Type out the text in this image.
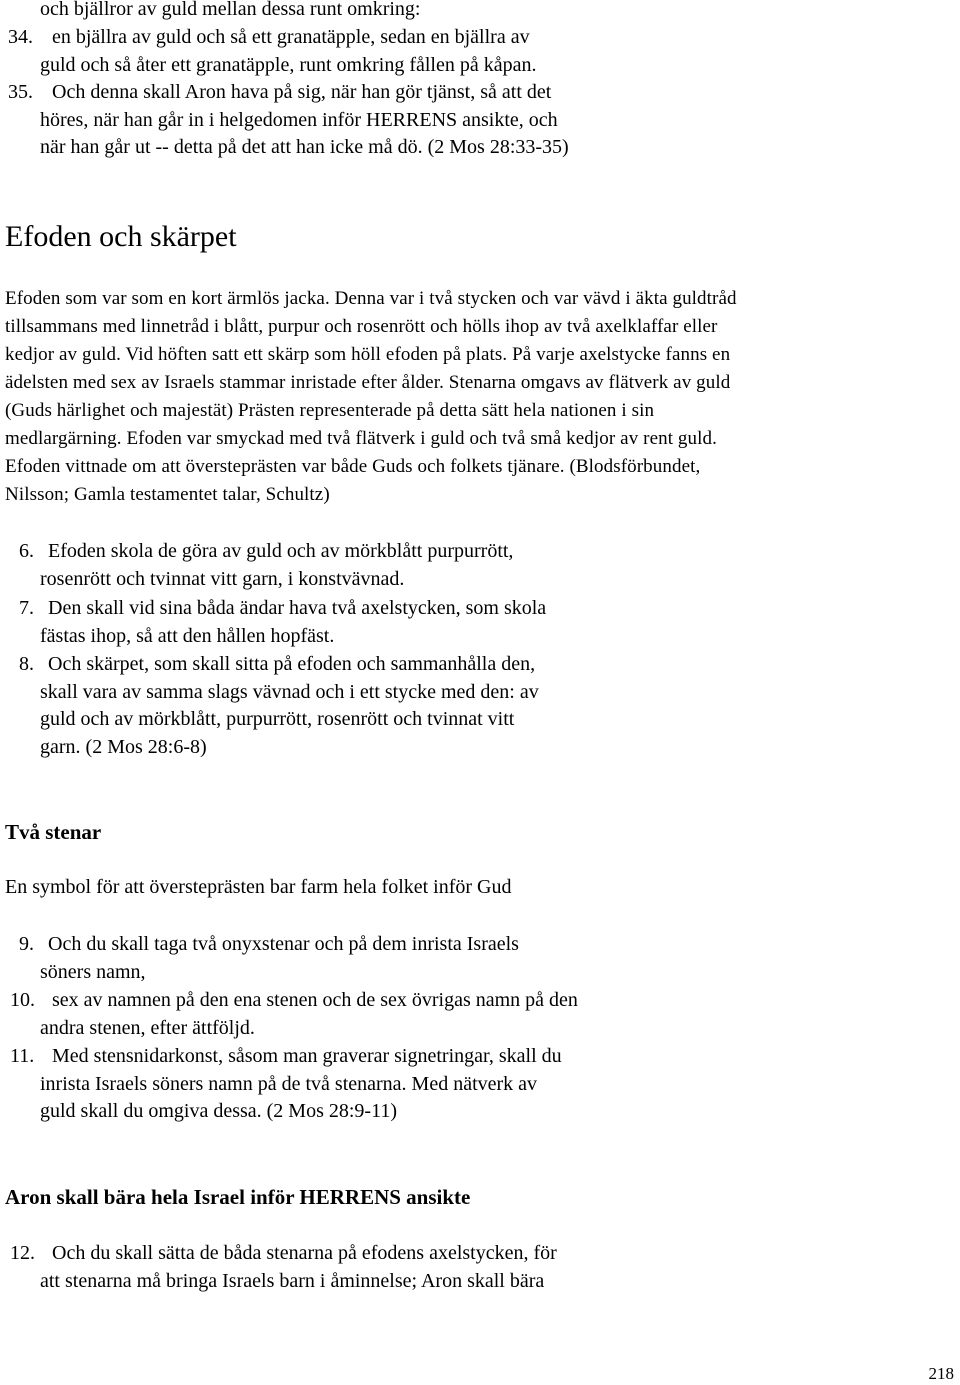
och bjällror av guld mellan dessa runt omkring:
34. en bjällra av guld och så ett granatäpple, sedan en bjällra av
guld och så åter ett granatäpple, runt omkring fållen på kåpan.
35. Och denna skall Aron hava på sig, när han gör tjänst, så att det
höres, när han går in i helgedomen inför HERRENS ansikte, och
när han går ut -- detta på det att han icke må dö. (2 Mos 28:33-35)
Efoden och skärpet

Efoden som var som en kort ärmlös jacka. Denna var i två stycken och var vävd i äkta guldtråd
tillsammans med linnetråd i blått, purpur och rosenrött och hölls ihop av två axelklaffar eller
kedjor av guld. Vid höften satt ett skärp som höll efoden på plats. På varje axelstycke fanns en
ädelsten med sex av Israels stammar inristade efter ålder. Stenarna omgavs av flätverk av guld
(Guds härlighet och majestät) Prästen representerade på detta sätt hela nationen i sin
medlargärning. Efoden var smyckad med två flätverk i guld och två små kedjor av rent guld.
Efoden vittnade om att översteprästen var både Guds och folkets tjänare. (Blodsförbundet,
Nilsson; Gamla testamentet talar, Schultz)

6. Efoden skola de göra av guld och av mörkblått purpurrött,
rosenrött och tvinnat vitt garn, i konstvävnad.
7. Den skall vid sina båda ändar hava två axelstycken, som skola
fästas ihop, så att den hållen hopfäst.
8. Och skärpet, som skall sitta på efoden och sammanhålla den,
skall vara av samma slags vävnad och i ett stycke med den: av
guld och av mörkblått, purpurrött, rosenrött och tvinnat vitt
garn. (2 Mos 28:6-8)
Två stenar

En symbol för att översteprästen bar farm hela folket inför Gud

9. Och du skall taga två onyxstenar och på dem inrista Israels
söners namn,
10. sex av namnen på den ena stenen och de sex övrigas namn på den
andra stenen, efter ättföljd.
11. Med stensnidarkonst, såsom man graverar signetringar, skall du
inrista Israels söners namn på de två stenarna. Med nätverk av
guld skall du omgiva dessa. (2 Mos 28:9-11)
Aron skall bära hela Israel inför HERRENS ansikte
12. Och du skall sätta de båda stenarna på efodens axelstycken, för
att stenarna må bringa Israels barn i åminnelse; Aron skall bära
218
